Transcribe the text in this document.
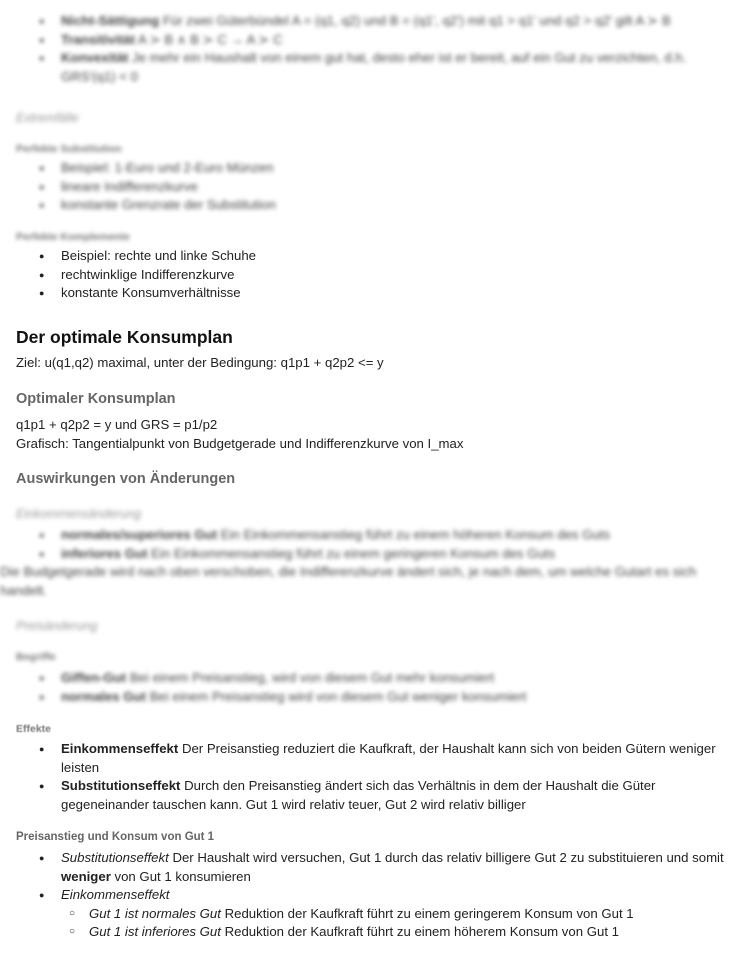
● Nicht-Sättigung Für zwei Güterbündel A = (q1, q2) und B = (q1', q2') mit q1 > q1' und q2 > q2' gilt A ≻ B
● Transitivität A ≻ B ∧ B ≻ C → A ≻ C
● Konvexität Je mehr ein Haushalt von einem gut hat, desto eher ist er bereit, auf ein Gut zu verzichten, d.h. GRS'(q1) < 0
Extremfälle
Perfekte Substitution
● Beispiel: 1-Euro und 2-Euro Münzen
● lineare Indifferenzkurve
● konstante Grenzrate der Substitution
Perfekte Komplemente
● Beispiel: rechte und linke Schuhe
● rechtwinklige Indifferenzkurve
● konstante Konsumverhältnisse
Der optimale Konsumplan

Ziel: u(q1,q2) maximal, unter der Bedingung: q1p1 + q2p2 <= y

Optimaler Konsumplan

q1p1 + q2p2 = y und GRS = p1/p2

Grafisch: Tangentialpunkt von Budgetgerade und Indifferenzkurve von I_max

Auswirkungen von Änderungen
Einkommensänderung
● normales/superiores Gut Ein Einkommensanstieg führt zu einem höheren Konsum des Guts
● inferiores Gut Ein Einkommensanstieg führt zu einem geringeren Konsum des Guts

Die Budgetgerade wird nach oben verschoben, die Indifferenzkurve ändert sich, je nach dem, um welche Gutart es sich handelt.

Preisänderung
Begriffe
● Giffen-Gut Bei einem Preisanstieg, wird von diesem Gut mehr konsumiert
● normales Gut Bei einem Preisanstieg wird von diesem Gut weniger konsumiert
Effekte
● Einkommenseffekt Der Preisanstieg reduziert die Kaufkraft, der Haushalt kann sich von beiden Gütern weniger leisten
● Substitutionseffekt Durch den Preisanstieg ändert sich das Verhältnis in dem der Haushalt die Güter gegeneinander tauschen kann. Gut 1 wird relativ teuer, Gut 2 wird relativ billiger
Preisanstieg und Konsum von Gut 1
● Substitutionseffekt Der Haushalt wird versuchen, Gut 1 durch das relativ billigere Gut 2 zu substituieren und somit weniger von Gut 1 konsumieren
● Einkommenseffekt
○ Gut 1 ist normales Gut Reduktion der Kaufkraft führt zu einem geringerem Konsum von Gut 1
○ Gut 1 ist inferiores Gut Reduktion der Kaufkraft führt zu einem höherem Konsum von Gut 1
